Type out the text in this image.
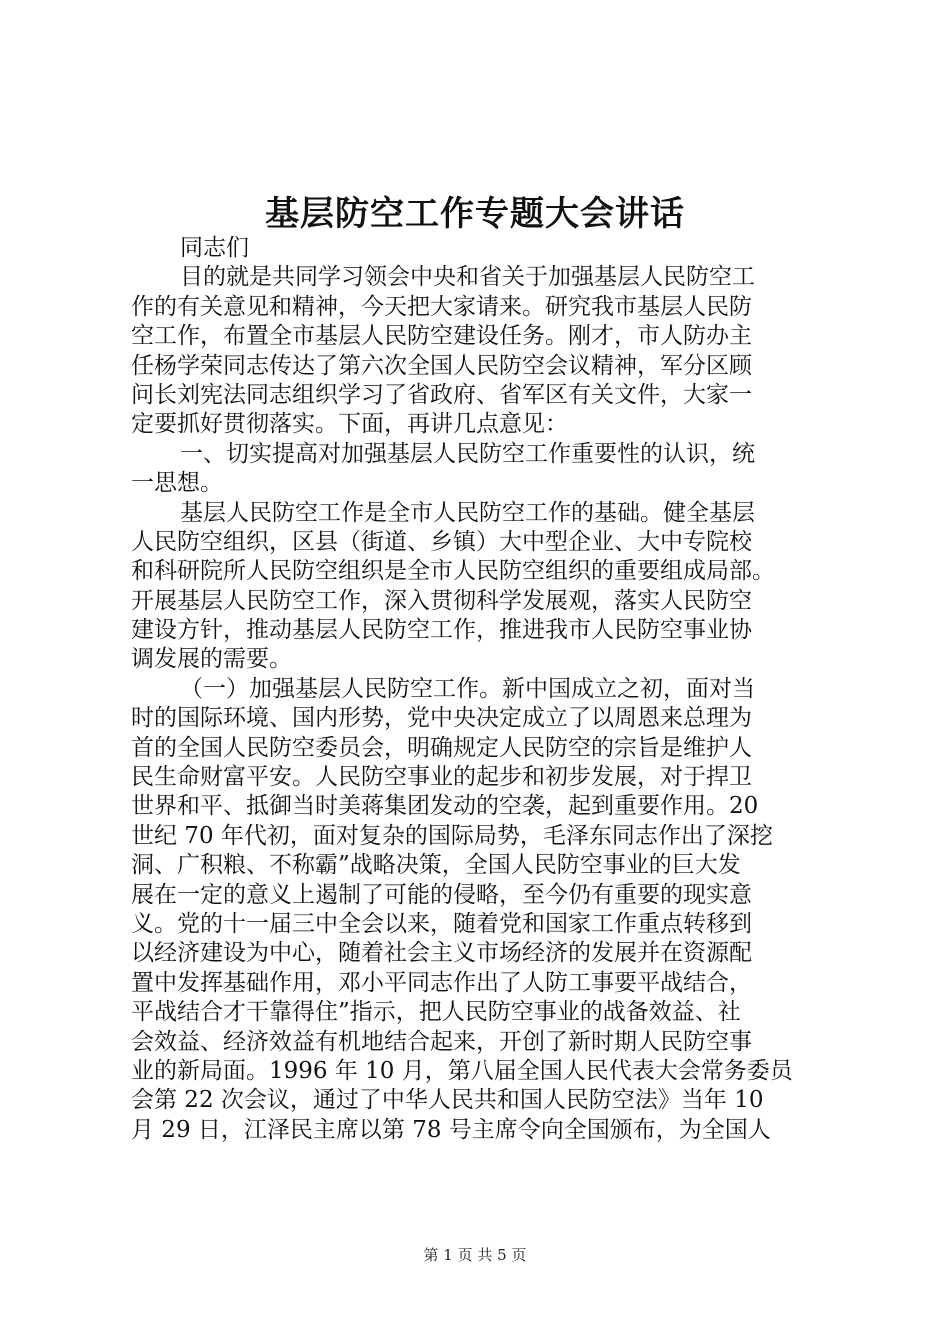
基层防空工作专题大会讲话
同志们
目的就是共同学习领会中央和省关于加强基层人民防空工
作的有关意见和精神，今天把大家请来。研究我市基层人民防
空工作，布置全市基层人民防空建设任务。刚才，市人防办主
任杨学荣同志传达了第六次全国人民防空会议精神，军分区顾
问长刘宪法同志组织学习了省政府、省军区有关文件，大家一
定要抓好贯彻落实。下面，再讲几点意见：
一、切实提高对加强基层人民防空工作重要性的认识，统
一思想。
基层人民防空工作是全市人民防空工作的基础。健全基层
人民防空组织，区县（街道、乡镇）大中型企业、大中专院校
和科研院所人民防空组织是全市人民防空组织的重要组成局部。
开展基层人民防空工作，深入贯彻科学发展观，落实人民防空
建设方针，推动基层人民防空工作，推进我市人民防空事业协
调发展的需要。
（一）加强基层人民防空工作。新中国成立之初，面对当
时的国际环境、国内形势，党中央决定成立了以周恩来总理为
首的全国人民防空委员会，明确规定人民防空的宗旨是维护人
民生命财富平安。人民防空事业的起步和初步发展，对于捍卫
世界和平、抵御当时美蒋集团发动的空袭，起到重要作用。20
世纪 70 年代初，面对复杂的国际局势，毛泽东同志作出了深挖
洞、广积粮、不称霸”战略决策，全国人民防空事业的巨大发
展在一定的意义上遏制了可能的侵略，至今仍有重要的现实意
义。党的十一届三中全会以来，随着党和国家工作重点转移到
以经济建设为中心，随着社会主义市场经济的发展并在资源配
置中发挥基础作用，邓小平同志作出了人防工事要平战结合，
平战结合才干靠得住”指示，把人民防空事业的战备效益、社
会效益、经济效益有机地结合起来，开创了新时期人民防空事
业的新局面。1996 年 10 月，第八届全国人民代表大会常务委员
会第 22 次会议，通过了中华人民共和国人民防空法》当年 10
月 29 日，江泽民主席以第 78 号主席令向全国颁布，为全国人
第 1 页 共 5 页
